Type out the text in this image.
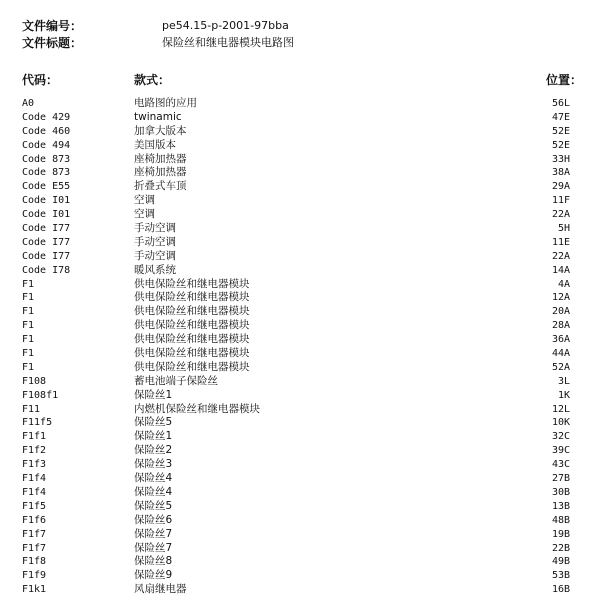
文件编号：	pe54.15-p-2001-97bba
文件标题：	保险丝和继电器模块电路图
代码：	款式：	位置：
A0	电路图的应用	56L
Code 429	twinamic	47E
Code 460	加拿大版本	52E
Code 494	美国版本	52E
Code 873	座椅加热器	33H
Code 873	座椅加热器	38A
Code E55	折叠式车顶	29A
Code I01	空调	11F
Code I01	空调	22A
Code I77	手动空调	5H
Code I77	手动空调	11E
Code I77	手动空调	22A
Code I78	暖风系统	14A
F1	供电保险丝和继电器模块	4A
F1	供电保险丝和继电器模块	12A
F1	供电保险丝和继电器模块	20A
F1	供电保险丝和继电器模块	28A
F1	供电保险丝和继电器模块	36A
F1	供电保险丝和继电器模块	44A
F1	供电保险丝和继电器模块	52A
F108	蓄电池端子保险丝	3L
F108f1	保险丝1	1K
F11	内燃机保险丝和继电器模块	12L
F11f5	保险丝5	10K
F1f1	保险丝1	32C
F1f2	保险丝2	39C
F1f3	保险丝3	43C
F1f4	保险丝4	27B
F1f4	保险丝4	30B
F1f5	保险丝5	13B
F1f6	保险丝6	48B
F1f7	保险丝7	19B
F1f7	保险丝7	22B
F1f8	保险丝8	49B
F1f9	保险丝9	53B
F1k1	风扇继电器	16B
